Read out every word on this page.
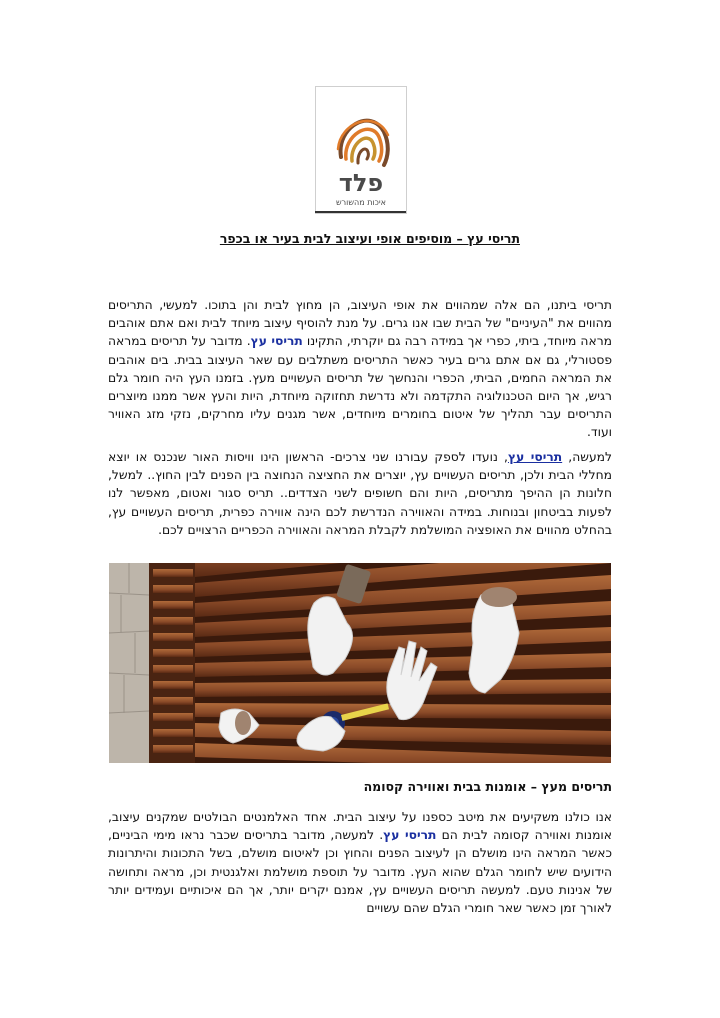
פלד
איכות מהשורש
תריסי עץ – מוסיפים אופי ועיצוב לבית בעיר או בכפר
תריסי ביתנו, הם אלה שמהווים את אופי העיצוב, הן מחוץ לבית והן בתוכו. למעשי, התריסים מהווים את "העיניים" של הבית שבו אנו גרים. על מנת להוסיף עיצוב מיוחד לבית ואם אתם אוהבים מראה מיוחד, ביתי, כפרי אך במידה רבה גם יוקרתי, התקינו תריסי עץ. מדובר על תריסים במראה פסטורלי, גם אם אתם גרים בעיר כאשר התריסים משתלבים עם שאר העיצוב בבית. בים אוהבים את המראה החמים, הביתי, הכפרי והנחשך של תריסים העשויים מעץ. בזמנו העץ היה חומר גלם רגיש, אך היום הטכנולוגיה התקדמה ולא נדרשת תחזוקה מיוחדת, היות והעץ אשר ממנו מיוצרים התריסים עבר תהליך של איטום בחומרים מיוחדים, אשר מגנים עליו מחרקים, נזקי מזג האוויר ועוד.
למעשה, תריסי עץ, נועדו לספק עבורנו שני צרכים- הראשון הינו וויסות האור שנכנס או יוצא מחללי הבית ולכן, תריסים העשויים עץ, יוצרים את החציצה הנחוצה בין הפנים לבין החוץ.. למשל, חלונות הן ההיפך מתריסים, היות והם חשופים לשני הצדדים.. תריס סגור ואטום, מאפשר לנו לפעות בביטחון ובנוחות. במידה והאווירה הנדרשת לכם הינה אווירה כפרית, תריסים העשויים עץ, בהחלט מהווים את האופציה המושלמת לקבלת המראה והאווירה הכפריים הרצויים לכם.
תריסים מעץ – אומנות בבית ואווירה קסומה
אנו כולנו משקיעים את מיטב כספנו על עיצוב הבית. אחד האלמנטים הבולטים שמקנים עיצוב, אומנות ואווירה קסומה לבית הם תריסי עץ. למעשה, מדובר בתריסים שכבר נראו מימי הביניים, כאשר המראה הינו מושלם הן לעיצוב הפנים והחוץ וכן לאיטום מושלם, בשל התכונות והיתרונות הידועים שיש לחומר הגלם שהוא העץ. מדובר על תוספת מושלמת ואלגנטית וכן, מראה ותחושה של אנינות טעם. למעשה תריסים העשויים עץ, אמנם יקרים יותר, אך הם איכותיים ועמידים יותר לאורך זמן כאשר שאר חומרי הגלם שהם עשויים
